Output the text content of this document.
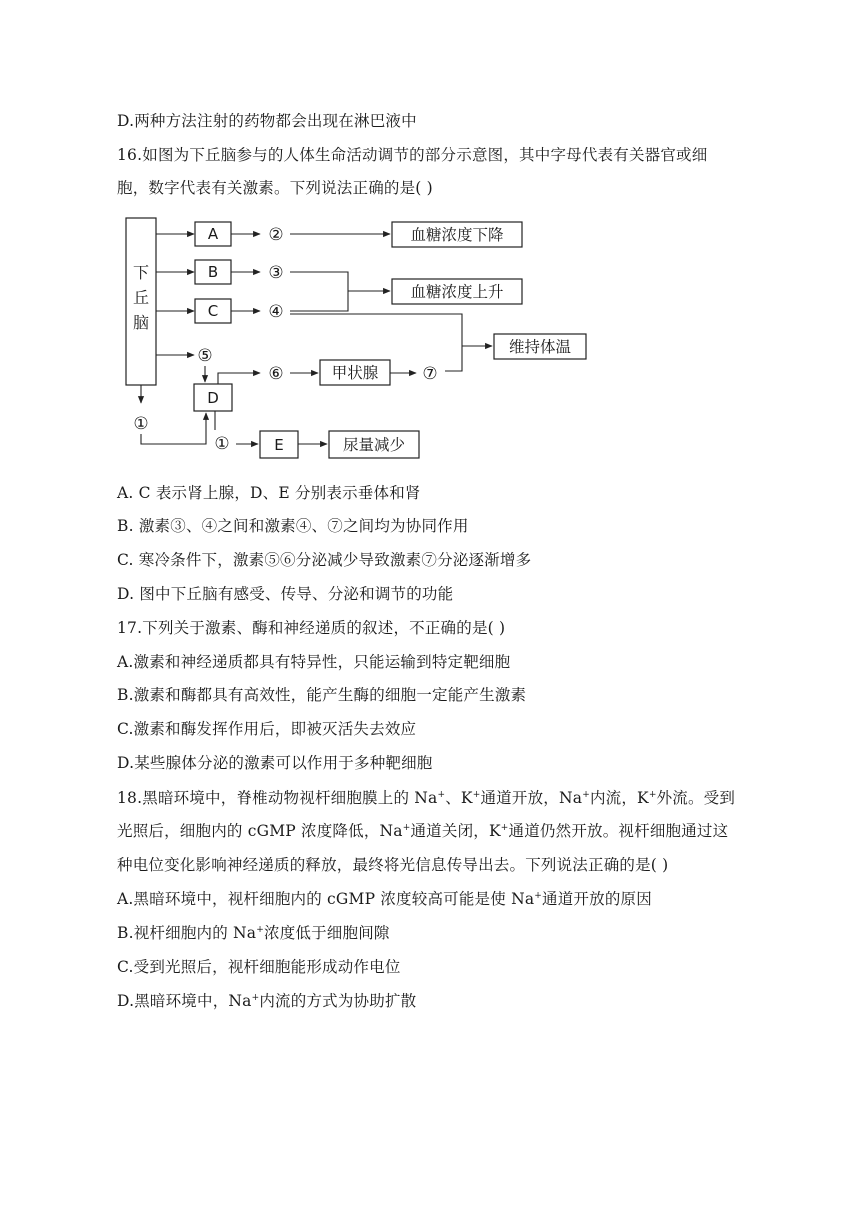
D.两种方法注射的药物都会出现在淋巴液中
16.如图为下丘脑参与的人体生命活动调节的部分示意图，其中字母代表有关器官或细
胞，数字代表有关激素。下列说法正确的是( )
下
丘
脑
A
B
C
②	血糖浓度下降
③
④
血糖浓度上升
维持体温
⑤
D
⑥	甲状腺	⑦
①
①	E	尿量减少
A. C 表示肾上腺，D、E 分别表示垂体和肾
B. 激素③、④之间和激素④、⑦之间均为协同作用
C. 寒冷条件下，激素⑤⑥分泌减少导致激素⑦分泌逐渐增多
D. 图中下丘脑有感受、传导、分泌和调节的功能
17.下列关于激素、酶和神经递质的叙述，不正确的是( )
A.激素和神经递质都具有特异性，只能运输到特定靶细胞
B.激素和酶都具有高效性，能产生酶的细胞一定能产生激素
C.激素和酶发挥作用后，即被灭活失去效应
D.某些腺体分泌的激素可以作用于多种靶细胞
18.黑暗环境中，脊椎动物视杆细胞膜上的 Na+、K+通道开放，Na+内流，K+外流。受到
光照后，细胞内的 cGMP 浓度降低，Na+通道关闭，K+通道仍然开放。视杆细胞通过这
种电位变化影响神经递质的释放，最终将光信息传导出去。下列说法正确的是( )
A.黑暗环境中，视杆细胞内的 cGMP 浓度较高可能是使 Na+通道开放的原因
B.视杆细胞内的 Na+浓度低于细胞间隙
C.受到光照后，视杆细胞能形成动作电位
D.黑暗环境中，Na+内流的方式为协助扩散
